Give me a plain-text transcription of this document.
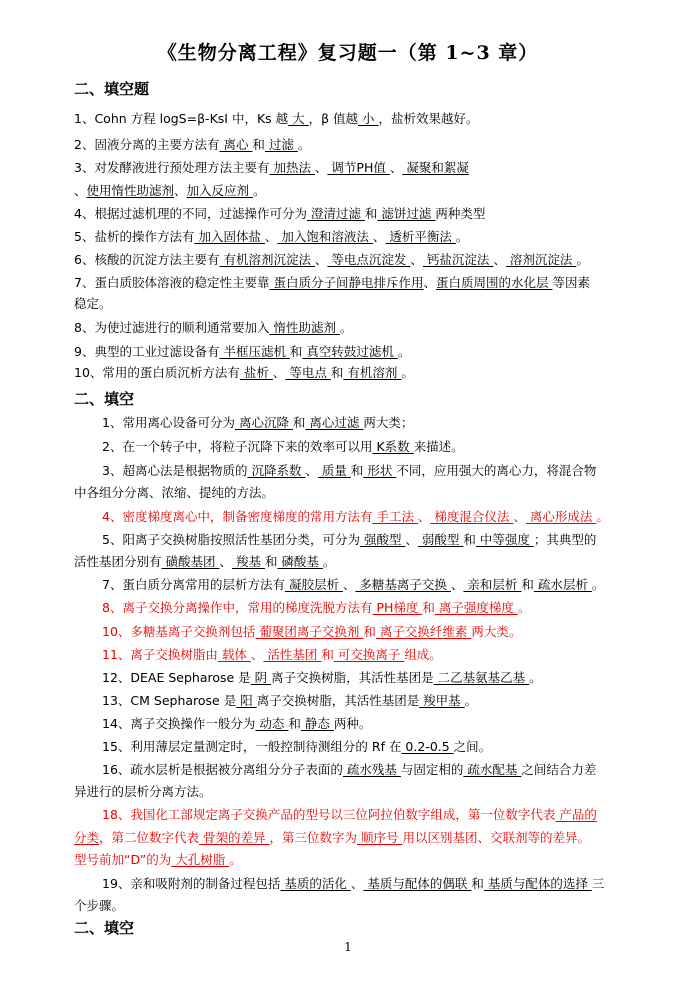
《生物分离工程》复习题一（第 1~3 章）
二、填空题
二、填空
二、填空
1、Cohn 方程 logS=β-KsI 中，Ks 越 大 ，β 值越 小 ，盐析效果越好。
2、固液分离的主要方法有 离心 和 过滤 。
3、对发酵液进行预处理方法主要有 加热法 、 调节PH值 、 凝聚和絮凝
、使用惰性助滤剂、加入反应剂 。
4、根据过滤机理的不同，过滤操作可分为 澄清过滤 和 滤饼过滤 两种类型
5、盐析的操作方法有 加入固体盐 、 加入饱和溶液法 、 透析平衡法 。
6、核酸的沉淀方法主要有 有机溶剂沉淀法 、 等电点沉淀发 、 钙盐沉淀法 、 溶剂沉淀法 。
7、蛋白质胶体溶液的稳定性主要靠 蛋白质分子间静电排斥作用、蛋白质周围的水化层 等因素
稳定。
8、为使过滤进行的顺利通常要加入 惰性助滤剂 。
9、典型的工业过滤设备有 半框压滤机 和 真空转鼓过滤机 。
10、常用的蛋白质沉析方法有 盐析 、 等电点 和 有机溶剂 。
1、常用离心设备可分为 离心沉降 和 离心过滤 两大类；
2、在一个转子中，将粒子沉降下来的效率可以用 K系数 来描述。
3、超离心法是根据物质的 沉降系数 、 质量 和 形状 不同，应用强大的离心力，将混合物
中各组分分离、浓缩、提纯的方法。
4、密度梯度离心中，制备密度梯度的常用方法有 手工法 、 梯度混合仪法 、 离心形成法 。
5、阳离子交换树脂按照活性基团分类，可分为 强酸型 、 弱酸型 和 中等强度 ；其典型的
活性基团分别有 磺酸基团 、 羧基 和 磷酸基 。
7、蛋白质分离常用的层析方法有 凝胶层析 、 多糖基离子交换 、 亲和层析 和 疏水层析 。
8、离子交换分离操作中，常用的梯度洗脱方法有 PH梯度 和 离子强度梯度 。
10、多糖基离子交换剂包括 葡聚团离子交换剂 和 离子交换纤维素 两大类。
11、离子交换树脂由 载体 、 活性基团 和 可交换离子 组成。
12、DEAE Sepharose 是 阴 离子交换树脂，其活性基团是 二乙基氨基乙基 。
13、CM Sepharose 是 阳 离子交换树脂，其活性基团是 羧甲基 。
14、离子交换操作一般分为 动态 和 静态 两种。
15、利用薄层定量测定时，一般控制待测组分的 Rf 在 0.2-0.5 之间。
16、疏水层析是根据被分离组分分子表面的 疏水残基 与固定相的 疏水配基 之间结合力差
异进行的层析分离方法。
18、我国化工部规定离子交换产品的型号以三位阿拉伯数字组成，第一位数字代表 产品的
分类，第二位数字代表 骨架的差异 ，第三位数字为 顺序号 用以区别基团、交联剂等的差异。
型号前加“D”的为 大孔树脂 。
19、亲和吸附剂的制备过程包括 基质的活化 、 基质与配体的偶联 和 基质与配体的选择 三
个步骤。
1
